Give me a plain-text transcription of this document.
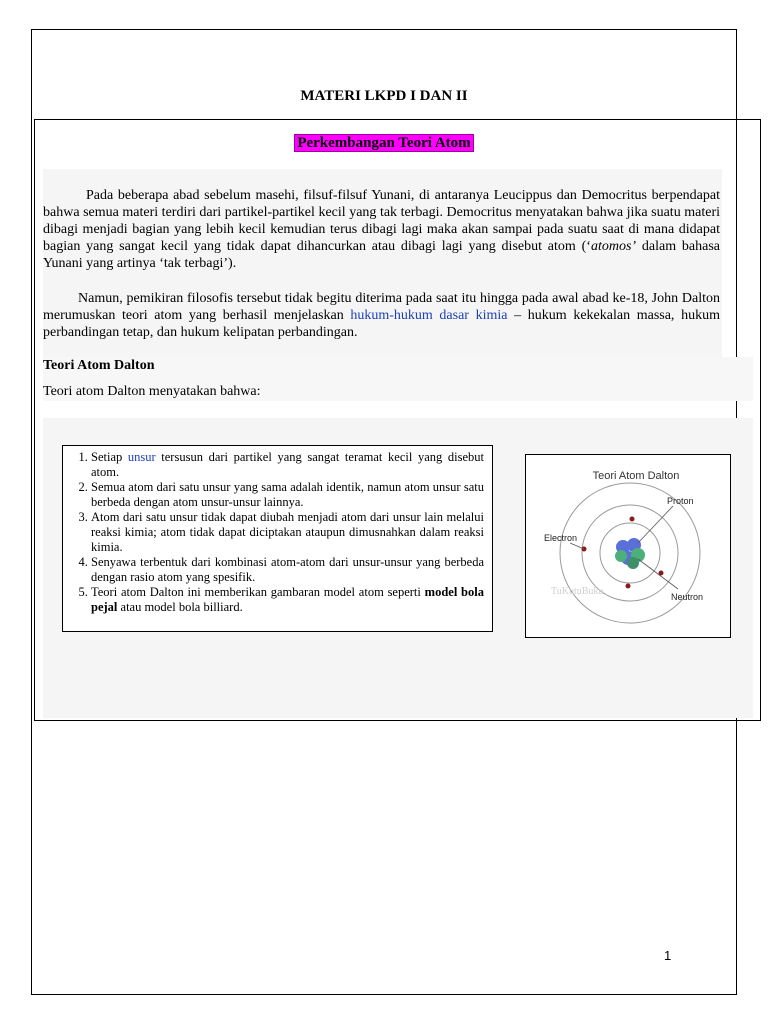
MATERI LKPD I DAN II
Perkembangan Teori Atom

Pada beberapa abad sebelum masehi, filsuf-filsuf Yunani, di antaranya Leucippus dan Democritus berpendapat bahwa semua materi terdiri dari partikel-partikel kecil yang tak terbagi. Democritus menyatakan bahwa jika suatu materi dibagi menjadi bagian yang lebih kecil kemudian terus dibagi lagi maka akan sampai pada suatu saat di mana didapat bagian yang sangat kecil yang tidak dapat dihancurkan atau dibagi lagi yang disebut atom (‘atomos’ dalam bahasa Yunani yang artinya ‘tak terbagi’).

Namun, pemikiran filosofis tersebut tidak begitu diterima pada saat itu hingga pada awal abad ke-18, John Dalton merumuskan teori atom yang berhasil menjelaskan hukum-hukum dasar kimia – hukum kekekalan massa, hukum perbandingan tetap, dan hukum kelipatan perbandingan.

Teori Atom Dalton
Teori atom Dalton menyatakan bahwa:
1. Setiap unsur tersusun dari partikel yang sangat teramat kecil yang disebut atom.
2. Semua atom dari satu unsur yang sama adalah identik, namun atom unsur satu berbeda dengan atom unsur-unsur lainnya.
3. Atom dari satu unsur tidak dapat diubah menjadi atom dari unsur lain melalui reaksi kimia; atom tidak dapat diciptakan ataupun dimusnahkan dalam reaksi kimia.
4. Senyawa terbentuk dari kombinasi atom-atom dari unsur-unsur yang berbeda dengan rasio atom yang spesifik.
5. Teori atom Dalton ini memberikan gambaran model atom seperti model bola pejal atau model bola billiard.
Teori Atom Dalton
Proton
Electron
Neutron
TuKutuBuku
1
